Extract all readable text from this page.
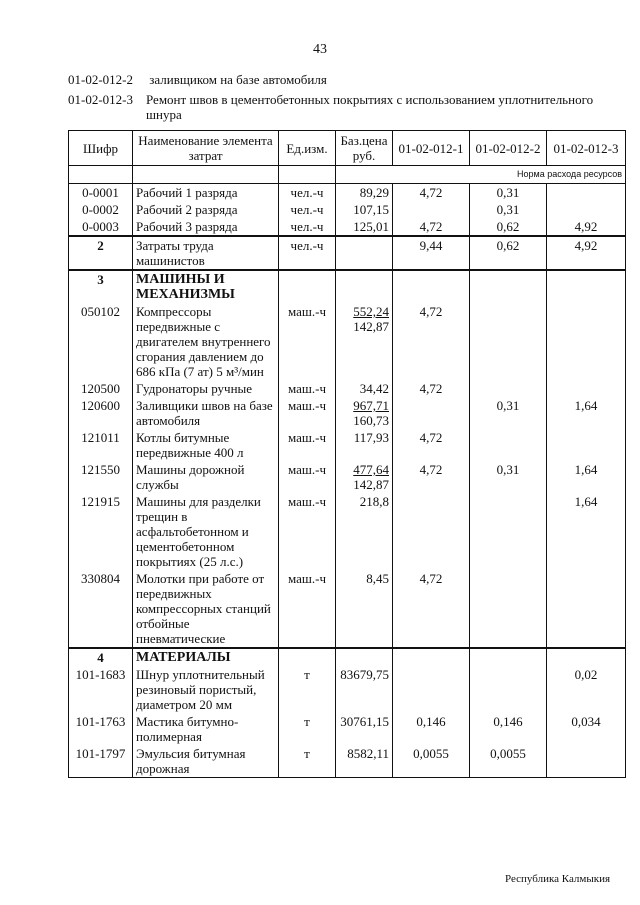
43
01-02-012-2 заливщиком на базе автомобиля
01-02-012-3 Ремонт швов в цементобетонных покрытиях с использованием уплотнительного шнура
Шифр	Наименование элемента затрат	Ед.изм.	Баз.цена руб.	01-02-012-1	01-02-012-2	01-02-012-3
				Норма расхода ресурсов		
0-0001	Рабочий 1 разряда	чел.-ч	89,29	4,72	0,31	
0-0002	Рабочий 2 разряда	чел.-ч	107,15		0,31	
0-0003	Рабочий 3 разряда	чел.-ч	125,01	4,72	0,62	4,92
2	Затраты труда машинистов	чел.-ч		9,44	0,62	4,92
3	МАШИНЫ И МЕХАНИЗМЫ					
050102	Компрессоры передвижные с двигателем внутреннего сгорания давлением до 686 кПа (7 ат) 5 м³/мин	маш.-ч	552,24
142,87	4,72		
120500	Гудронаторы ручные	маш.-ч	34,42	4,72		
120600	Заливщики швов на базе автомобиля	маш.-ч	967,71
160,73		0,31	1,64
121011	Котлы битумные передвижные 400 л	маш.-ч	117,93	4,72		
121550	Машины дорожной службы	маш.-ч	477,64
142,87	4,72	0,31	1,64
121915	Машины для разделки трещин в асфальтобетонном и цементобетонном покрытиях (25 л.с.)	маш.-ч	218,8			1,64
330804	Молотки при работе от передвижных компрессорных станций отбойные пневматические	маш.-ч	8,45	4,72		
4	МАТЕРИАЛЫ					
101-1683	Шнур уплотнительный резиновый пористый, диаметром 20 мм	т	83679,75			0,02
101-1763	Мастика битумно-полимерная	т	30761,15	0,146	0,146	0,034
101-1797	Эмульсия битумная дорожная	т	8582,11	0,0055	0,0055	
Республика Калмыкия
